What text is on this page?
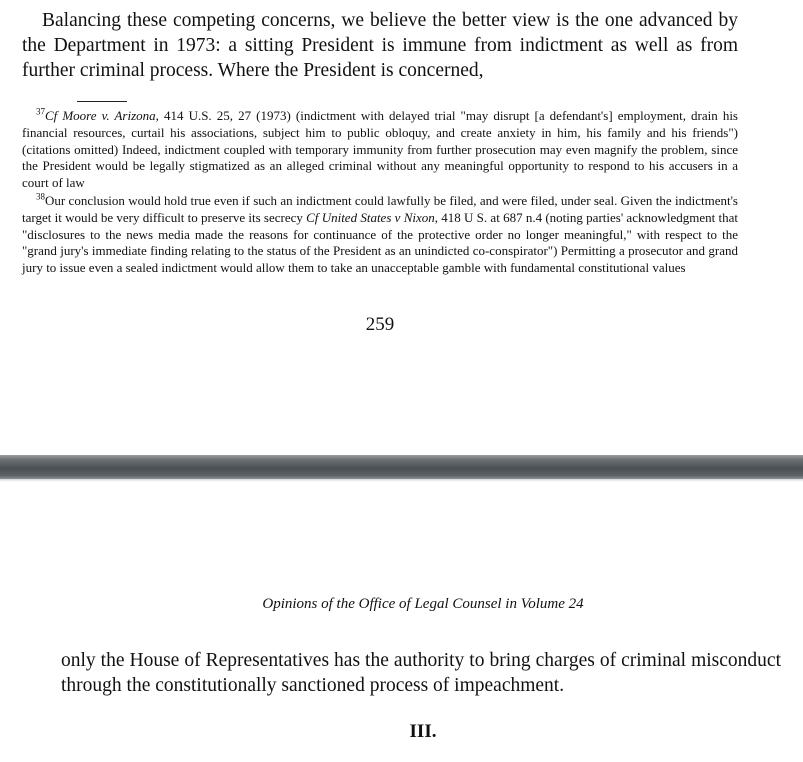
Balancing these competing concerns, we believe the better view is the one advanced by the Department in 1973: a sitting President is immune from indictment as well as from further criminal process. Where the President is concerned,

$^{37}$Cf Moore v. Arizona, 414 U.S. 25, 27 (1973) (indictment with delayed trial "may disrupt [a defendant's] employment, drain his financial resources, curtail his associations, subject him to public obloquy, and create anxiety in him, his family and his friends") (citations omitted) Indeed, indictment coupled with temporary immunity from further prosecution may even magnify the problem, since the President would be legally stigmatized as an alleged criminal without any meaningful opportunity to respond to his accusers in a court of law

$^{38}$Our conclusion would hold true even if such an indictment could lawfully be filed, and were filed, under seal. Given the indictment's target it would be very difficult to preserve its secrecy Cf United States v Nixon, 418 U S. at 687 n.4 (noting parties' acknowledgment that "disclosures to the news media made the reasons for continuance of the protective order no longer meaningful," with respect to the "grand jury's immediate finding relating to the status of the President as an unindicted co-conspirator") Permitting a prosecutor and grand jury to issue even a sealed indictment would allow them to take an unacceptable gamble with fundamental constitutional values

259
Opinions of the Office of Legal Counsel in Volume 24

only the House of Representatives has the authority to bring charges of criminal misconduct through the constitutionally sanctioned process of impeachment.

III.
